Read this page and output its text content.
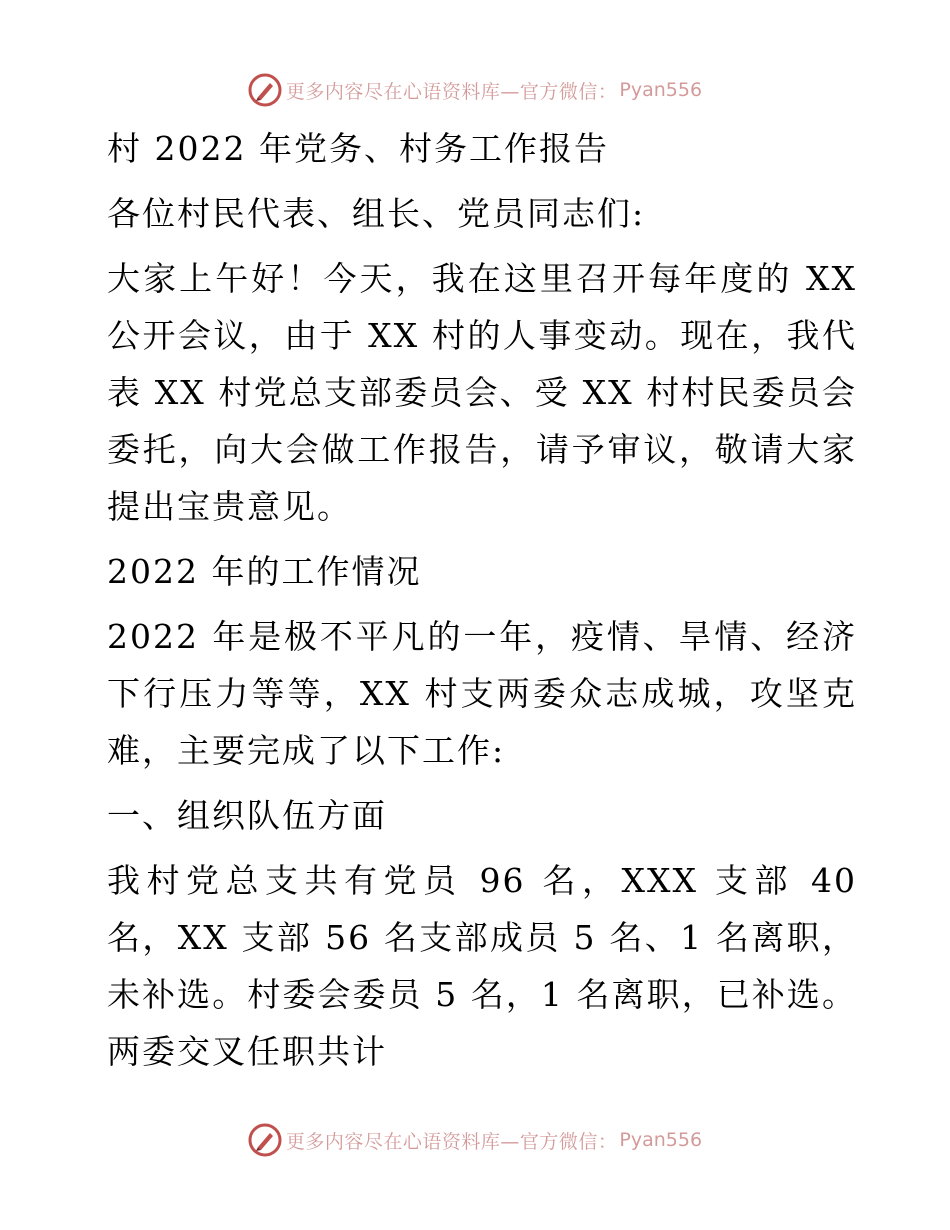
更多内容尽在心语资料库—官方微信： Pyan556

村 2022 年党务、村务工作报告

各位村民代表、组长、党员同志们:

大家上午好！今天，我在这里召开每年度的 XX 公开会议，由于 XX 村的人事变动。现在，我代表 XX 村党总支部委员会、受 XX 村村民委员会委托，向大会做工作报告，请予审议，敬请大家提出宝贵意见。

2022 年的工作情况

2022 年是极不平凡的一年，疫情、旱情、经济下行压力等等，XX 村支两委众志成城，攻坚克难，主要完成了以下工作:

一、组织队伍方面

我村党总支共有党员 96 名，XXX 支部 40 名，XX 支部 56 名支部成员 5 名、1 名离职，未补选。村委会委员 5 名，1 名离职，已补选。两委交叉任职共计

更多内容尽在心语资料库—官方微信： Pyan556
